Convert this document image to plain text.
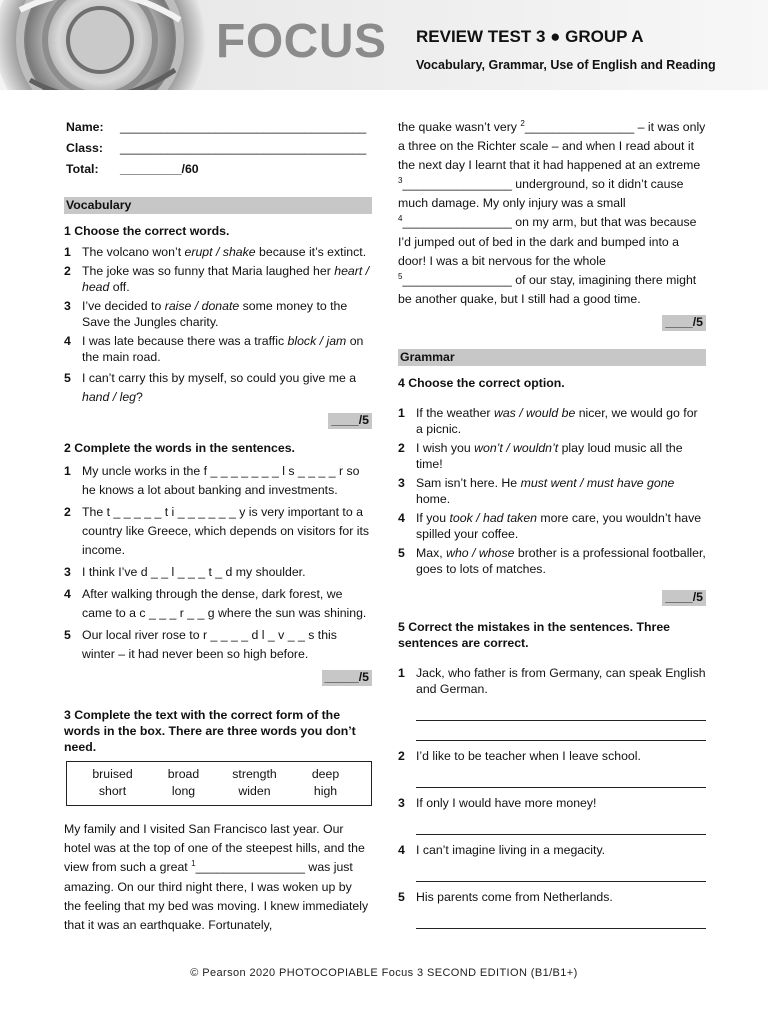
FOCUS REVIEW TEST 3 ● GROUP A
Vocabulary, Grammar, Use of English and Reading
Name:	____________________________________
Class:	____________________________________
Total:	_________/60
Vocabulary
1 Choose the correct words.
1 The volcano won’t erupt / shake because it’s extinct.
2 The joke was so funny that Maria laughed her heart / head off.
3 I’ve decided to raise / donate some money to the Save the Jungles charity.
4 I was late because there was a traffic block / jam on the main road.
5 I can’t carry this by myself, so could you give me a hand / leg?
____/5
2 Complete the words in the sentences.
1 My uncle works in the f _ _ _ _ _ _ _ l s _ _ _ _ r so he knows a lot about banking and investments.
2 The t _ _ _ _ _ t i _ _ _ _ _ _ y is very important to a country like Greece, which depends on visitors for its income.
3 I think I’ve d _ _ l _ _ _ t _ d my shoulder.
4 After walking through the dense, dark forest, we came to a c _ _ _ r _ _ g where the sun was shining.
5 Our local river rose to r _ _ _ _ d l _ v _ _ s this winter – it had never been so high before.
_____/5
3 Complete the text with the correct form of the words in the box. There are three words you don’t need.
bruised	broad	strength	deep
short	long	widen	high
My family and I visited San Francisco last year. Our hotel was at the top of one of the steepest hills, and the view from such a great $^1$________________ was just amazing. On our third night there, I was woken up by the feeling that my bed was moving. I knew immediately that it was an earthquake. Fortunately,
the quake wasn’t very $^2$________________ – it was only a three on the Richter scale – and when I read about it the next day I learnt that it had happened at an extreme $^3$________________ underground, so it didn’t cause much damage. My only injury was a small $^4$________________ on my arm, but that was because I’d jumped out of bed in the dark and bumped into a door! I was a bit nervous for the whole $^5$________________ of our stay, imagining there might be another quake, but I still had a good time.
____/5
Grammar
4 Choose the correct option.
1 If the weather was / would be nicer, we would go for a picnic.
2 I wish you won’t / wouldn’t play loud music all the time!
3 Sam isn’t here. He must went / must have gone home.
4 If you took / had taken more care, you wouldn’t have spilled your coffee.
5 Max, who / whose brother is a professional footballer, goes to lots of matches.
____/5
5 Correct the mistakes in the sentences. Three sentences are correct.
1 Jack, who father is from Germany, can speak English and German.
2 I’d like to be teacher when I leave school.
3 If only I would have more money!
4 I can’t imagine living in a megacity.
5 His parents come from Netherlands.
© Pearson 2020 PHOTOCOPIABLE Focus 3 SECOND EDITION (B1/B1+)
